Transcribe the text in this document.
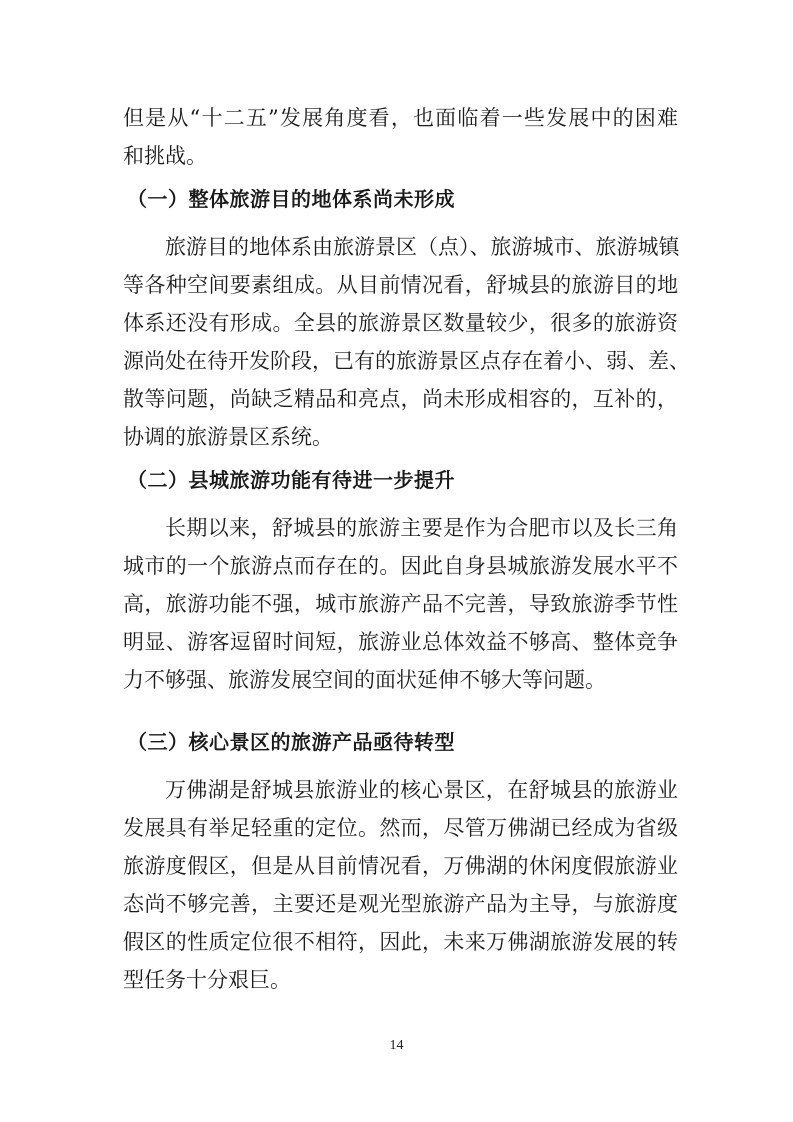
但是从“十二五”发展角度看，也面临着一些发展中的困难
和挑战。
（一）整体旅游目的地体系尚未形成
旅游目的地体系由旅游景区（点）、旅游城市、旅游城镇
等各种空间要素组成。从目前情况看，舒城县的旅游目的地
体系还没有形成。全县的旅游景区数量较少，很多的旅游资
源尚处在待开发阶段，已有的旅游景区点存在着小、弱、差、
散等问题，尚缺乏精品和亮点，尚未形成相容的，互补的，
协调的旅游景区系统。
（二）县城旅游功能有待进一步提升
长期以来，舒城县的旅游主要是作为合肥市以及长三角
城市的一个旅游点而存在的。因此自身县城旅游发展水平不
高，旅游功能不强，城市旅游产品不完善，导致旅游季节性
明显、游客逗留时间短，旅游业总体效益不够高、整体竞争
力不够强、旅游发展空间的面状延伸不够大等问题。
（三）核心景区的旅游产品亟待转型
万佛湖是舒城县旅游业的核心景区，在舒城县的旅游业
发展具有举足轻重的定位。然而，尽管万佛湖已经成为省级
旅游度假区，但是从目前情况看，万佛湖的休闲度假旅游业
态尚不够完善，主要还是观光型旅游产品为主导，与旅游度
假区的性质定位很不相符，因此，未来万佛湖旅游发展的转
型任务十分艰巨。
14
